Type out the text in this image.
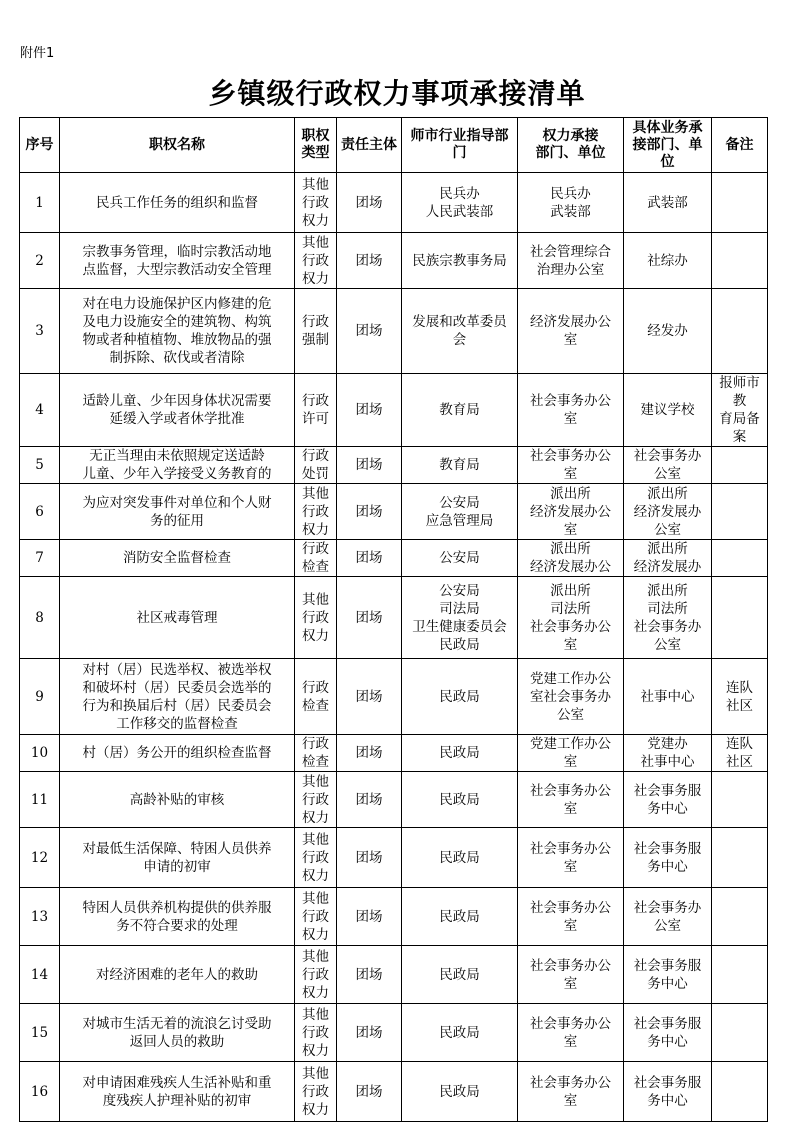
附件1
乡镇级行政权力事项承接清单
序号	职权名称	职权
类型	责任主体	师市行业指导部
门	权力承接
部门、单位	具体业务承
接部门、单
位	备注
1	民兵工作任务的组织和监督	其他
行政
权力	团场	民兵办
人民武装部	民兵办
武装部	武装部	
2	宗教事务管理，临时宗教活动地
点监督，大型宗教活动安全管理	其他
行政
权力	团场	民族宗教事务局	社会管理综合
治理办公室	社综办	
3	对在电力设施保护区内修建的危
及电力设施安全的建筑物、构筑
物或者种植植物、堆放物品的强
制拆除、砍伐或者清除	行政
强制	团场	发展和改革委员
会	经济发展办公
室	经发办	
4	适龄儿童、少年因身体状况需要
延缓入学或者休学批准	行政
许可	团场	教育局	社会事务办公
室	建议学校	报师市教
育局备案
5	无正当理由未依照规定送适龄
儿童、少年入学接受义务教育的	行政
处罚	团场	教育局	社会事务办公
室	社会事务办
公室	
6	为应对突发事件对单位和个人财
务的征用	其他
行政
权力	团场	公安局
应急管理局	派出所
经济发展办公
室	派出所
经济发展办
公室	
7	消防安全监督检查	行政
检查	团场	公安局	派出所
经济发展办公	派出所
经济发展办	
8	社区戒毒管理	其他
行政
权力	团场	公安局
司法局
卫生健康委员会
民政局	派出所
司法所
社会事务办公
室	派出所
司法所
社会事务办
公室	
9	对村（居）民选举权、被选举权
和破坏村（居）民委员会选举的
行为和换届后村（居）民委员会
工作移交的监督检查	行政
检查	团场	民政局	党建工作办公
室社会事务办
公室	社事中心	连队
社区
10	村（居）务公开的组织检查监督	行政
检查	团场	民政局	党建工作办公
室	党建办
社事中心	连队
社区
11	高龄补贴的审核	其他
行政
权力	团场	民政局	社会事务办公
室	社会事务服
务中心	
12	对最低生活保障、特困人员供养
申请的初审	其他
行政
权力	团场	民政局	社会事务办公
室	社会事务服
务中心	
13	特困人员供养机构提供的供养服
务不符合要求的处理	其他
行政
权力	团场	民政局	社会事务办公
室	社会事务办
公室	
14	对经济困难的老年人的救助	其他
行政
权力	团场	民政局	社会事务办公
室	社会事务服
务中心	
15	对城市生活无着的流浪乞讨受助
返回人员的救助	其他
行政
权力	团场	民政局	社会事务办公
室	社会事务服
务中心	
16	对申请困难残疾人生活补贴和重
度残疾人护理补贴的初审	其他
行政
权力	团场	民政局	社会事务办公
室	社会事务服
务中心	
